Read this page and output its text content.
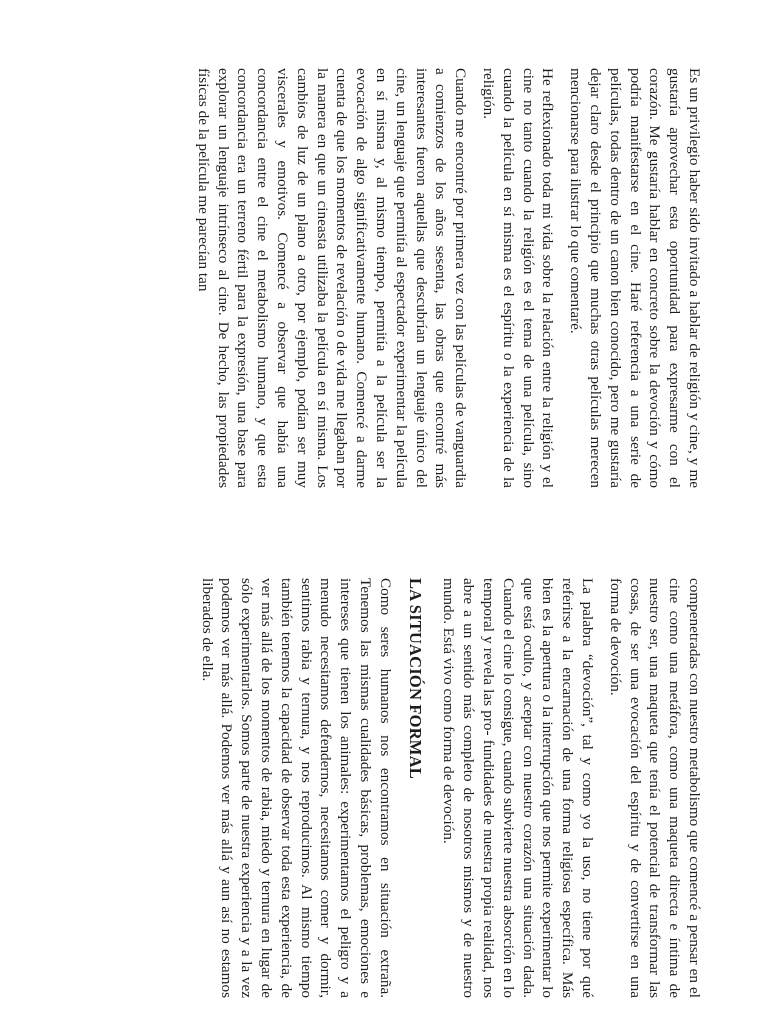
Es un privilegio haber sido invitado a hablar de religión y cine, y me gustaría aprovechar esta oportunidad para expresarme con el corazón. Me gustaría hablar en concreto sobre la devoción y cómo podría manifestarse en el cine. Haré referencia a una serie de películas, todas dentro de un canon bien conocido, pero me gustaría dejar claro desde el principio que muchas otras películas merecen mencionarse para ilustrar lo que comentaré.

He reflexionado toda mi vida sobre la relación entre la religión y el cine no tanto cuando la religión es el tema de una película, sino cuando la película en sí misma es el espíritu o la experiencia de la religión.

Cuando me encontré por primera vez con las películas de vanguardia a comienzos de los años sesenta, las obras que encontré más interesantes fueron aquellas que descubrían un lenguaje único del cine, un lenguaje que permitía al espectador experimentar la película en sí misma y, al mismo tiempo, permitía a la película ser la evocación de algo significativamente humano. Comencé a darme cuenta de que los momentos de revelación o de vida me llegaban por la manera en que un cineasta utilizaba la película en sí misma. Los cambios de luz de un plano a otro, por ejemplo, podían ser muy viscerales y emotivos. Comencé a observar que había una concordancia entre el cine el metabolismo humano, y que esta concordancia era un terreno fértil para la expresión, una base para explorar un lenguaje intrínseco al cine. De hecho, las propiedades físicas de la película me parecían tan

compenetradas con nuestro metabolismo que comencé a pensar en el cine como una metáfora, como una maqueta directa e íntima de nuestro ser, una maqueta que tenía el potencial de transformar las cosas, de ser una evocación del espíritu y de convertirse en una forma de devoción.

La palabra “devoción”, tal y como yo la uso, no tiene por qué referirse a la encarnación de una forma religiosa específica. Más bien es la apertura o la interrupción que nos permite experimentar lo que está oculto, y aceptar con nuestro corazón una situación dada. Cuando el cine lo consigue, cuando subvierte nuestra absorción en lo temporal y revela las pro- fundidades de nuestra propia realidad, nos abre a un sentido más completo de nosotros mismos y de nuestro mundo. Está vivo como forma de devoción.

LA SITUACIÓN FORMAL

Como seres humanos nos encontramos en situación extraña. Tenemos las mismas cualidades básicas, problemas, emociones e intereses que tienen los animales: experimentamos el peligro y a menudo necesitamos defendernos, necesitamos comer y dormir, sentimos rabia y ternura, y nos reproducimos. Al mismo tiempo también tenemos la capacidad de observar toda esta experiencia, de ver más allá de los momentos de rabia, miedo y ternura en lugar de sólo experimentarlos. Somos parte de nuestra experiencia y a la vez podemos ver más allá. Podemos ver más allá y aun así no estamos liberados de ella.
